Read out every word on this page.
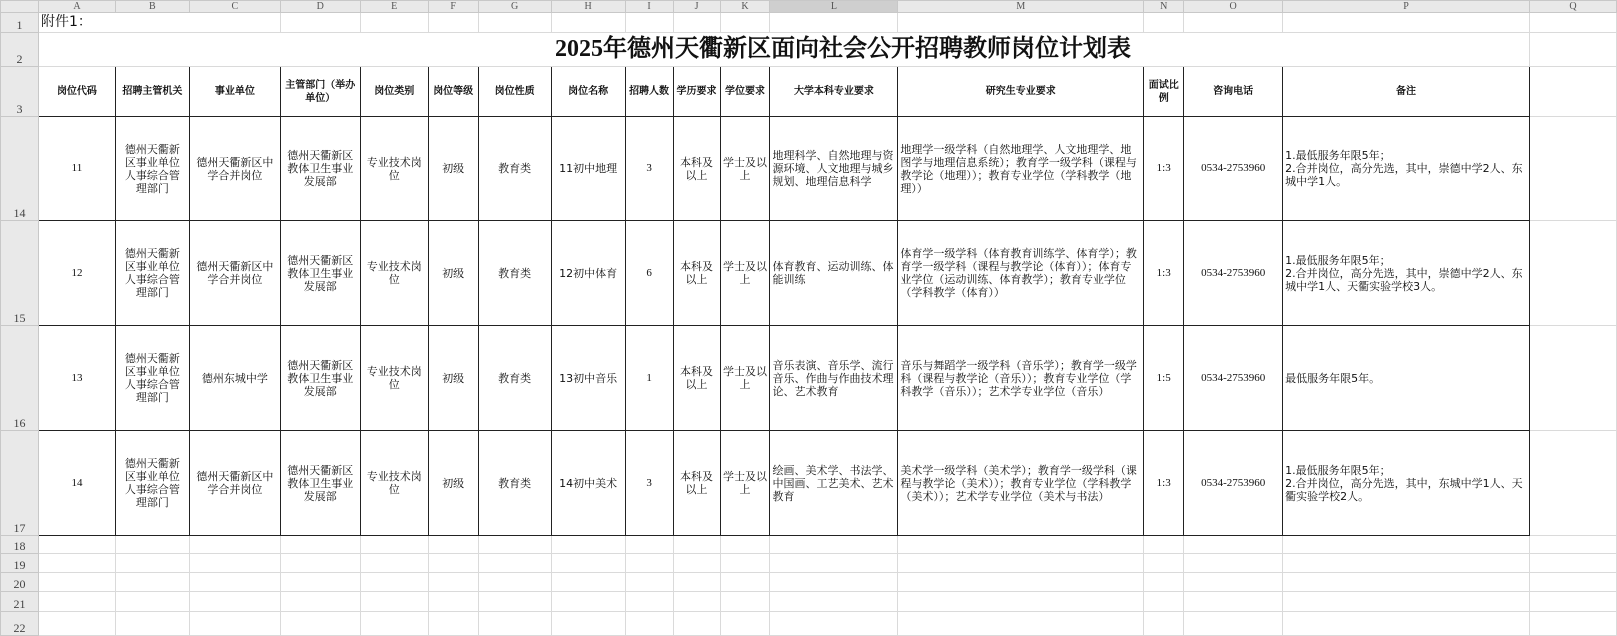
	A	B	C	D	E	F	G	H	I	J	K	L	M	N	O	P	Q
1	附件1：																
2	2025年德州天衢新区面向社会公开招聘教师岗位计划表																
3	岗位代码	招聘主管机关	事业单位	主管部门（举办单位）	岗位类别	岗位等级	岗位性质	岗位名称	招聘人数	学历要求	学位要求	大学本科专业要求	研究生专业要求	面试比例	咨询电话	备注	
14	11	德州天衢新区事业单位人事综合管理部门	德州天衢新区中学合并岗位	德州天衢新区教体卫生事业发展部	专业技术岗位	初级	教育类	11初中地理	3	本科及以上	学士及以上	地理科学、自然地理与资源环境、人文地理与城乡规划、地理信息科学	地理学一级学科（自然地理学、人文地理学、地图学与地理信息系统）；教育学一级学科（课程与教学论（地理））；教育专业学位（学科教学（地理））	1:3	0534-2753960	1.最低服务年限5年；
2.合并岗位，高分先选，其中，崇德中学2人、东城中学1人。	
15	12	德州天衢新区事业单位人事综合管理部门	德州天衢新区中学合并岗位	德州天衢新区教体卫生事业发展部	专业技术岗位	初级	教育类	12初中体育	6	本科及以上	学士及以上	体育教育、运动训练、体能训练	体育学一级学科（体育教育训练学、体育学）；教育学一级学科（课程与教学论（体育））；体育专业学位（运动训练、体育教学）；教育专业学位（学科教学（体育））	1:3	0534-2753960	1.最低服务年限5年；
2.合并岗位，高分先选，其中，崇德中学2人、东城中学1人、天衢实验学校3人。	
16	13	德州天衢新区事业单位人事综合管理部门	德州东城中学	德州天衢新区教体卫生事业发展部	专业技术岗位	初级	教育类	13初中音乐	1	本科及以上	学士及以上	音乐表演、音乐学、流行音乐、作曲与作曲技术理论、艺术教育	音乐与舞蹈学一级学科（音乐学）；教育学一级学科（课程与教学论（音乐））；教育专业学位（学科教学（音乐））；艺术学专业学位（音乐）	1:5	0534-2753960	最低服务年限5年。	
17	14	德州天衢新区事业单位人事综合管理部门	德州天衢新区中学合并岗位	德州天衢新区教体卫生事业发展部	专业技术岗位	初级	教育类	14初中美术	3	本科及以上	学士及以上	绘画、美术学、书法学、中国画、工艺美术、艺术教育	美术学一级学科（美术学）；教育学一级学科（课程与教学论（美术））；教育专业学位（学科教学（美术））；艺术学专业学位（美术与书法）	1:3	0534-2753960	1.最低服务年限5年；
2.合并岗位，高分先选，其中，东城中学1人、天衢实验学校2人。	
18																	
19																	
20																	
21																	
22																	
